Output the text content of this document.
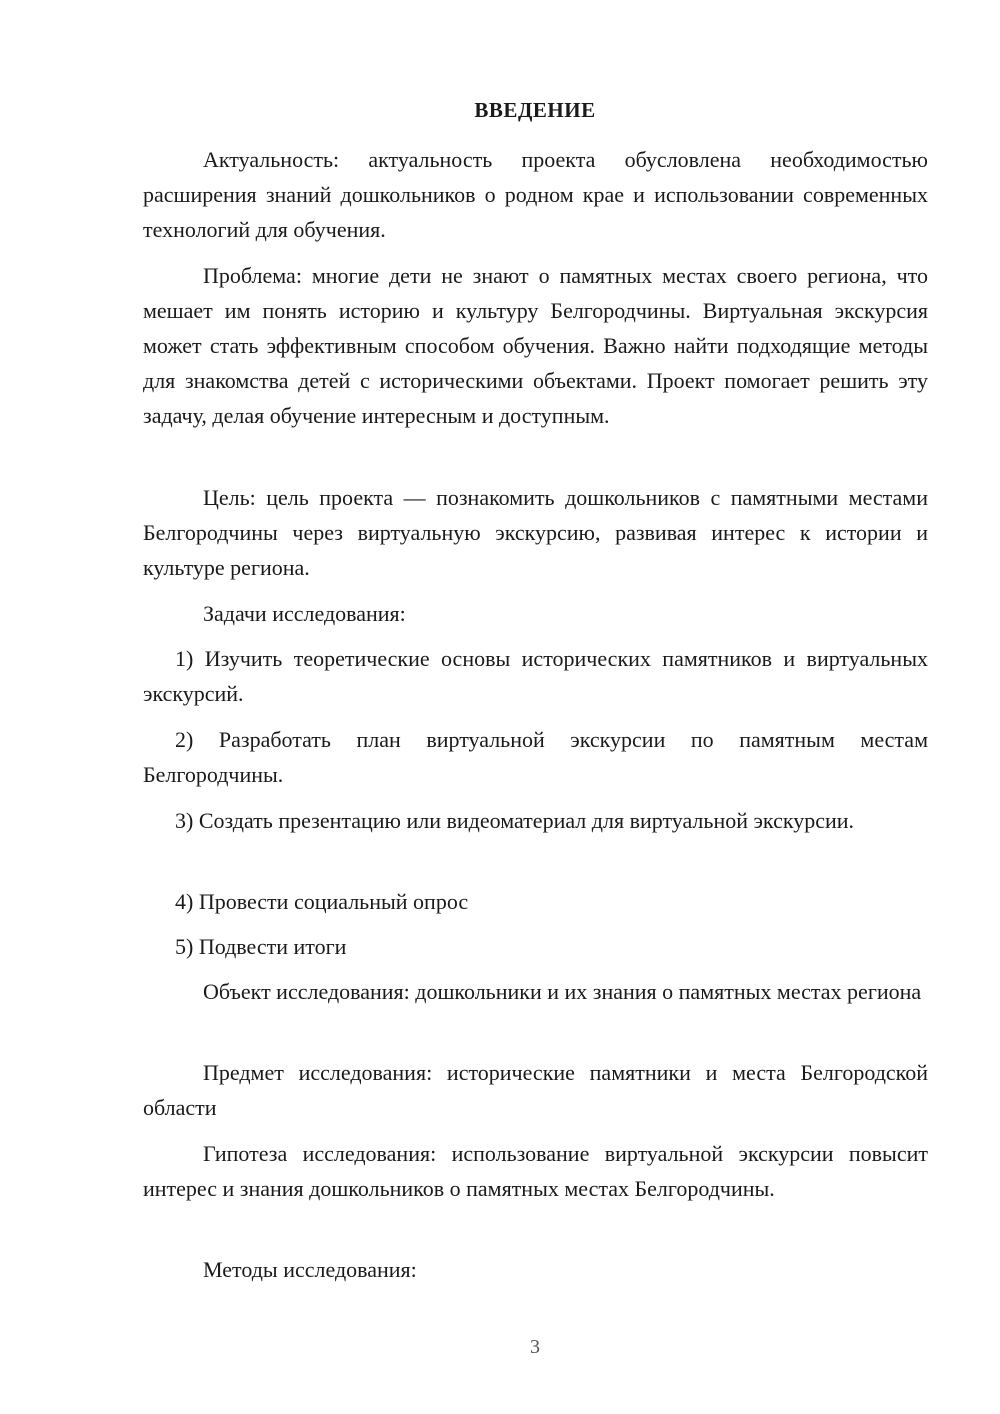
ВВЕДЕНИЕ
Актуальность: актуальность проекта обусловлена необходимостью расширения знаний дошкольников о родном крае и использовании современных технологий для обучения.
Проблема: многие дети не знают о памятных местах своего региона, что мешает им понять историю и культуру Белгородчины. Виртуальная экскурсия может стать эффективным способом обучения. Важно найти подходящие методы для знакомства детей с историческими объектами. Проект помогает решить эту задачу, делая обучение интересным и доступным.
Цель: цель проекта — познакомить дошкольников с памятными местами Белгородчины через виртуальную экскурсию, развивая интерес к истории и культуре региона.
Задачи исследования:
1) Изучить теоретические основы исторических памятников и виртуальных экскурсий.
2) Разработать план виртуальной экскурсии по памятным местам Белгородчины.
3) Создать презентацию или видеоматериал для виртуальной экскурсии.
4) Провести социальный опрос
5) Подвести итоги
Объект исследования: дошкольники и их знания о памятных местах региона
Предмет исследования: исторические памятники и места Белгородской области
Гипотеза исследования: использование виртуальной экскурсии повысит интерес и знания дошкольников о памятных местах Белгородчины.
Методы исследования:
3
